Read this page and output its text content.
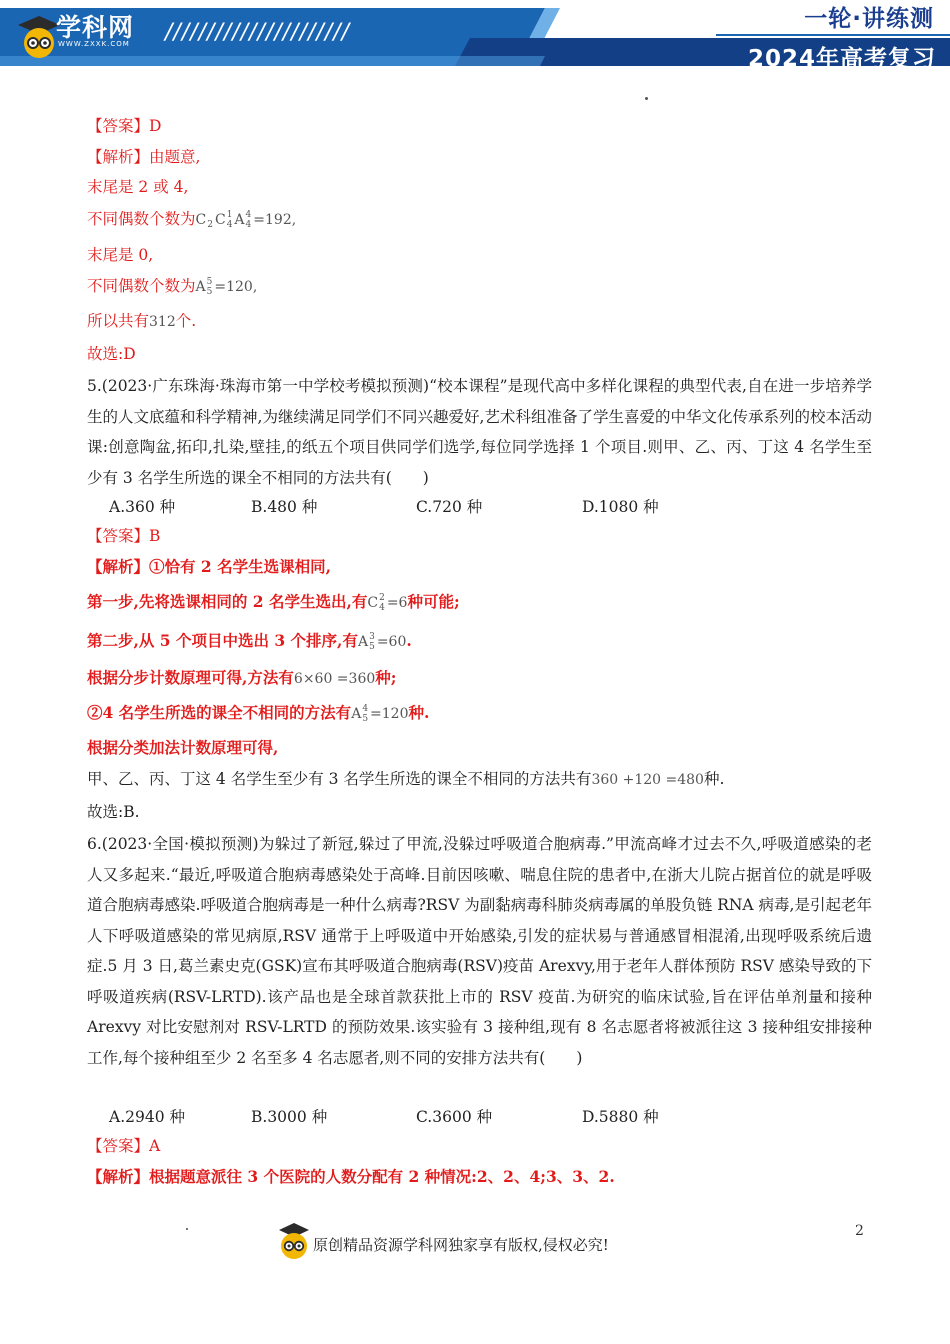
学科网
WWW.ZXXK.COM //////////////////////
一轮·讲练测
2024年高考复习
【答案】D
【解析】由题意,
末尾是 2 或 4,
不同偶数个数为C 2 C 1
4 A 4
4 =192,
末尾是 0,
不同偶数个数为A 5
5 =120,
所以共有312个.
故选:D
5.(2023·广东珠海·珠海市第一中学校考模拟预测)“校本课程”是现代高中多样化课程的典型代表,自在进一步培养学生的人文底蕴和科学精神,为继续满足同学们不同兴趣爱好,艺术科组准备了学生喜爱的中华文化传承系列的校本活动课:创意陶盆,拓印,扎染,壁挂,的纸五个项目供同学们选学,每位同学选择 1 个项目.则甲、乙、丙、丁这 4 名学生至少有 3 名学生所选的课全不相同的方法共有(　　)
A.360 种	B.480 种	C.720 种	D.1080 种
【答案】B
【解析】①恰有 2 名学生选课相同,
第一步,先将选课相同的 2 名学生选出,有C 2
4 =6种可能;
第二步,从 5 个项目中选出 3 个排序,有A 3
5 =60.
根据分步计数原理可得,方法有6×60 =360种;
②4 名学生所选的课全不相同的方法有A 4
5 =120种.
根据分类加法计数原理可得,
甲、乙、丙、丁这 4 名学生至少有 3 名学生所选的课全不相同的方法共有360 +120 =480种.
故选:B.
6.(2023·全国·模拟预测)为躲过了新冠,躲过了甲流,没躲过呼吸道合胞病毒.”甲流高峰才过去不久,呼吸道感染的老人又多起来.“最近,呼吸道合胞病毒感染处于高峰.目前因咳嗽、喘息住院的患者中,在浙大儿院占据首位的就是呼吸道合胞病毒感染.呼吸道合胞病毒是一种什么病毒?RSV 为副黏病毒科肺炎病毒属的单股负链 RNA 病毒,是引起老年人下呼吸道感染的常见病原,RSV 通常于上呼吸道中开始感染,引发的症状易与普通感冒相混淆,出现呼吸系统后遗症.5 月 3 日,葛兰素史克(GSK)宣布其呼吸道合胞病毒(RSV)疫苗 Arexvy,用于老年人群体预防 RSV 感染导致的下呼吸道疾病(RSV-LRTD).该产品也是全球首款获批上市的 RSV 疫苗.为研究的临床试验,旨在评估单剂量和接种 Arexvy 对比安慰剂对 RSV-LRTD 的预防效果.该实验有 3 接种组,现有 8 名志愿者将被派往这 3 接种组安排接种工作,每个接种组至少 2 名至多 4 名志愿者,则不同的安排方法共有(　　)
A.2940 种	B.3000 种	C.3600 种	D.5880 种
【答案】A
【解析】根据题意派往 3 个医院的人数分配有 2 种情况:2、2、4;3、3、2.
2
原创精品资源学科网独家享有版权,侵权必究!
